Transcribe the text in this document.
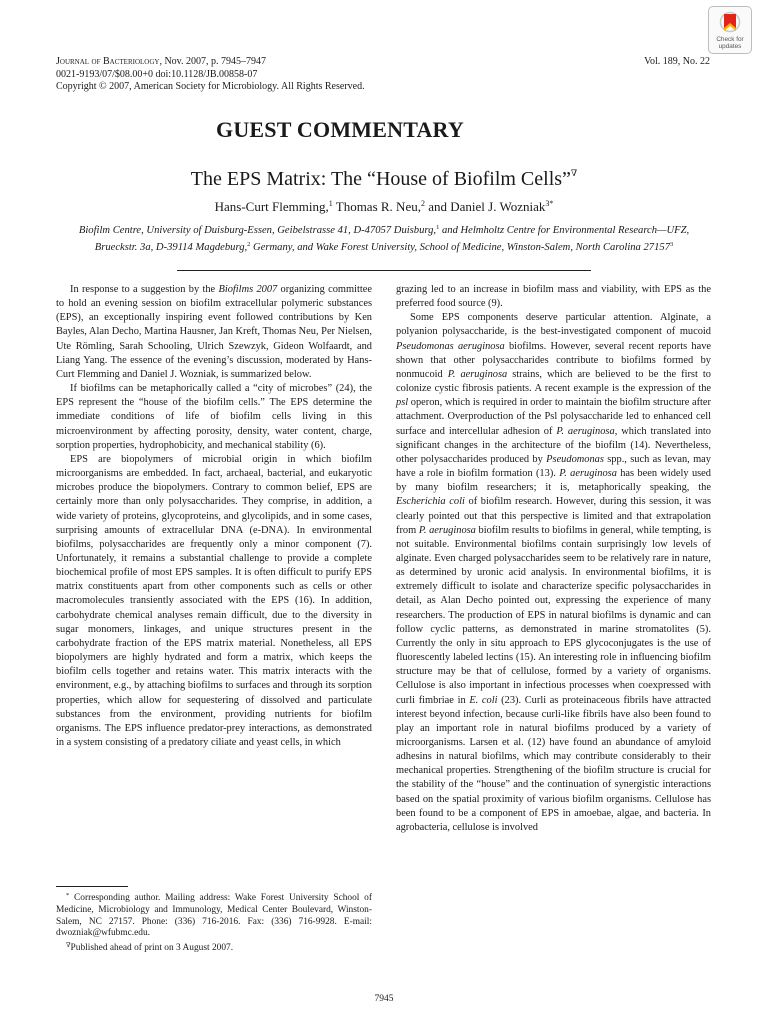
Journal of Bacteriology, Nov. 2007, p. 7945–7947
0021-9193/07/$08.00+0 doi:10.1128/JB.00858-07
Copyright © 2007, American Society for Microbiology. All Rights Reserved.
Vol. 189, No. 22
Check for
updates
GUEST COMMENTARY
The EPS Matrix: The “House of Biofilm Cells”∇
Hans-Curt Flemming,$^1$ Thomas R. Neu,$^2$ and Daniel J. Wozniak$^{3*}$
Biofilm Centre, University of Duisburg-Essen, Geibelstrasse 41, D-47057 Duisburg,$^1$ and Helmholtz Centre for Environmental Research—UFZ, Brueckstr. 3a, D-39114 Magdeburg,$^2$ Germany, and Wake Forest University, School of Medicine, Winston-Salem, North Carolina 27157$^3$

In response to a suggestion by the Biofilms 2007 organizing committee to hold an evening session on biofilm extracellular polymeric substances (EPS), an exceptionally inspiring event followed contributions by Ken Bayles, Alan Decho, Martina Hausner, Jan Kreft, Thomas Neu, Per Nielsen, Ute Römling, Sarah Schooling, Ulrich Szewzyk, Gideon Wolfaardt, and Liang Yang. The essence of the evening’s discussion, moderated by Hans-Curt Flemming and Daniel J. Wozniak, is summarized below.

If biofilms can be metaphorically called a “city of microbes” (24), the EPS represent the “house of the biofilm cells.” The EPS determine the immediate conditions of life of biofilm cells living in this microenvironment by affecting porosity, density, water content, charge, sorption properties, hydrophobicity, and mechanical stability (6).

EPS are biopolymers of microbial origin in which biofilm microorganisms are embedded. In fact, archaeal, bacterial, and eukaryotic microbes produce the biopolymers. Contrary to common belief, EPS are certainly more than only polysaccharides. They comprise, in addition, a wide variety of proteins, glycoproteins, and glycolipids, and in some cases, surprising amounts of extracellular DNA (e-DNA). In environmental biofilms, polysaccharides are frequently only a minor component (7). Unfortunately, it remains a substantial challenge to provide a complete biochemical profile of most EPS samples. It is often difficult to purify EPS matrix constituents apart from other components such as cells or other macromolecules transiently associated with the EPS (16). In addition, carbohydrate chemical analyses remain difficult, due to the diversity in sugar monomers, linkages, and unique structures present in the carbohydrate fraction of the EPS matrix material. Nonetheless, all EPS biopolymers are highly hydrated and form a matrix, which keeps the biofilm cells together and retains water. This matrix interacts with the environment, e.g., by attaching biofilms to surfaces and through its sorption properties, which allow for sequestering of dissolved and particulate substances from the environment, providing nutrients for biofilm organisms. The EPS influence predator-prey interactions, as demonstrated in a system consisting of a predatory ciliate and yeast cells, in which

grazing led to an increase in biofilm mass and viability, with EPS as the preferred food source (9).

Some EPS components deserve particular attention. Alginate, a polyanion polysaccharide, is the best-investigated component of mucoid Pseudomonas aeruginosa biofilms. However, several recent reports have shown that other polysaccharides contribute to biofilms formed by nonmucoid P. aeruginosa strains, which are believed to be the first to colonize cystic fibrosis patients. A recent example is the expression of the psl operon, which is required in order to maintain the biofilm structure after attachment. Overproduction of the Psl polysaccharide led to enhanced cell surface and intercellular adhesion of P. aeruginosa, which translated into significant changes in the architecture of the biofilm (14). Nevertheless, other polysaccharides produced by Pseudomonas spp., such as levan, may have a role in biofilm formation (13). P. aeruginosa has been widely used by many biofilm researchers; it is, metaphorically speaking, the Escherichia coli of biofilm research. However, during this session, it was clearly pointed out that this perspective is limited and that extrapolation from P. aeruginosa biofilm results to biofilms in general, while tempting, is not suitable. Environmental biofilms contain surprisingly low levels of alginate. Even charged polysaccharides seem to be relatively rare in nature, as determined by uronic acid analysis. In environmental biofilms, it is extremely difficult to isolate and characterize specific polysaccharides in detail, as Alan Decho pointed out, expressing the experience of many researchers. The production of EPS in natural biofilms is dynamic and can follow cyclic patterns, as demonstrated in marine stromatolites (5). Currently the only in situ approach to EPS glycoconjugates is the use of fluorescently labeled lectins (15). An interesting role in influencing biofilm structure may be that of cellulose, formed by a variety of organisms. Cellulose is also important in infectious processes when coexpressed with curli fimbriae in E. coli (23). Curli as proteinaceous fibrils have attracted interest beyond infection, because curli-like fibrils have also been found to play an important role in natural biofilms produced by a variety of microorganisms. Larsen et al. (12) have found an abundance of amyloid adhesins in natural biofilms, which may contribute considerably to their mechanical properties. Strengthening of the biofilm structure is crucial for the stability of the “house” and the continuation of synergistic interactions based on the spatial proximity of various biofilm organisms. Cellulose has been found to be a component of EPS in amoebae, algae, and bacteria. In agrobacteria, cellulose is involved

* Corresponding author. Mailing address: Wake Forest University School of Medicine, Microbiology and Immunology, Medical Center Boulevard, Winston-Salem, NC 27157. Phone: (336) 716-2016. Fax: (336) 716-9928. E-mail: dwozniak@wfubmc.edu.

∇Published ahead of print on 3 August 2007.

7945
